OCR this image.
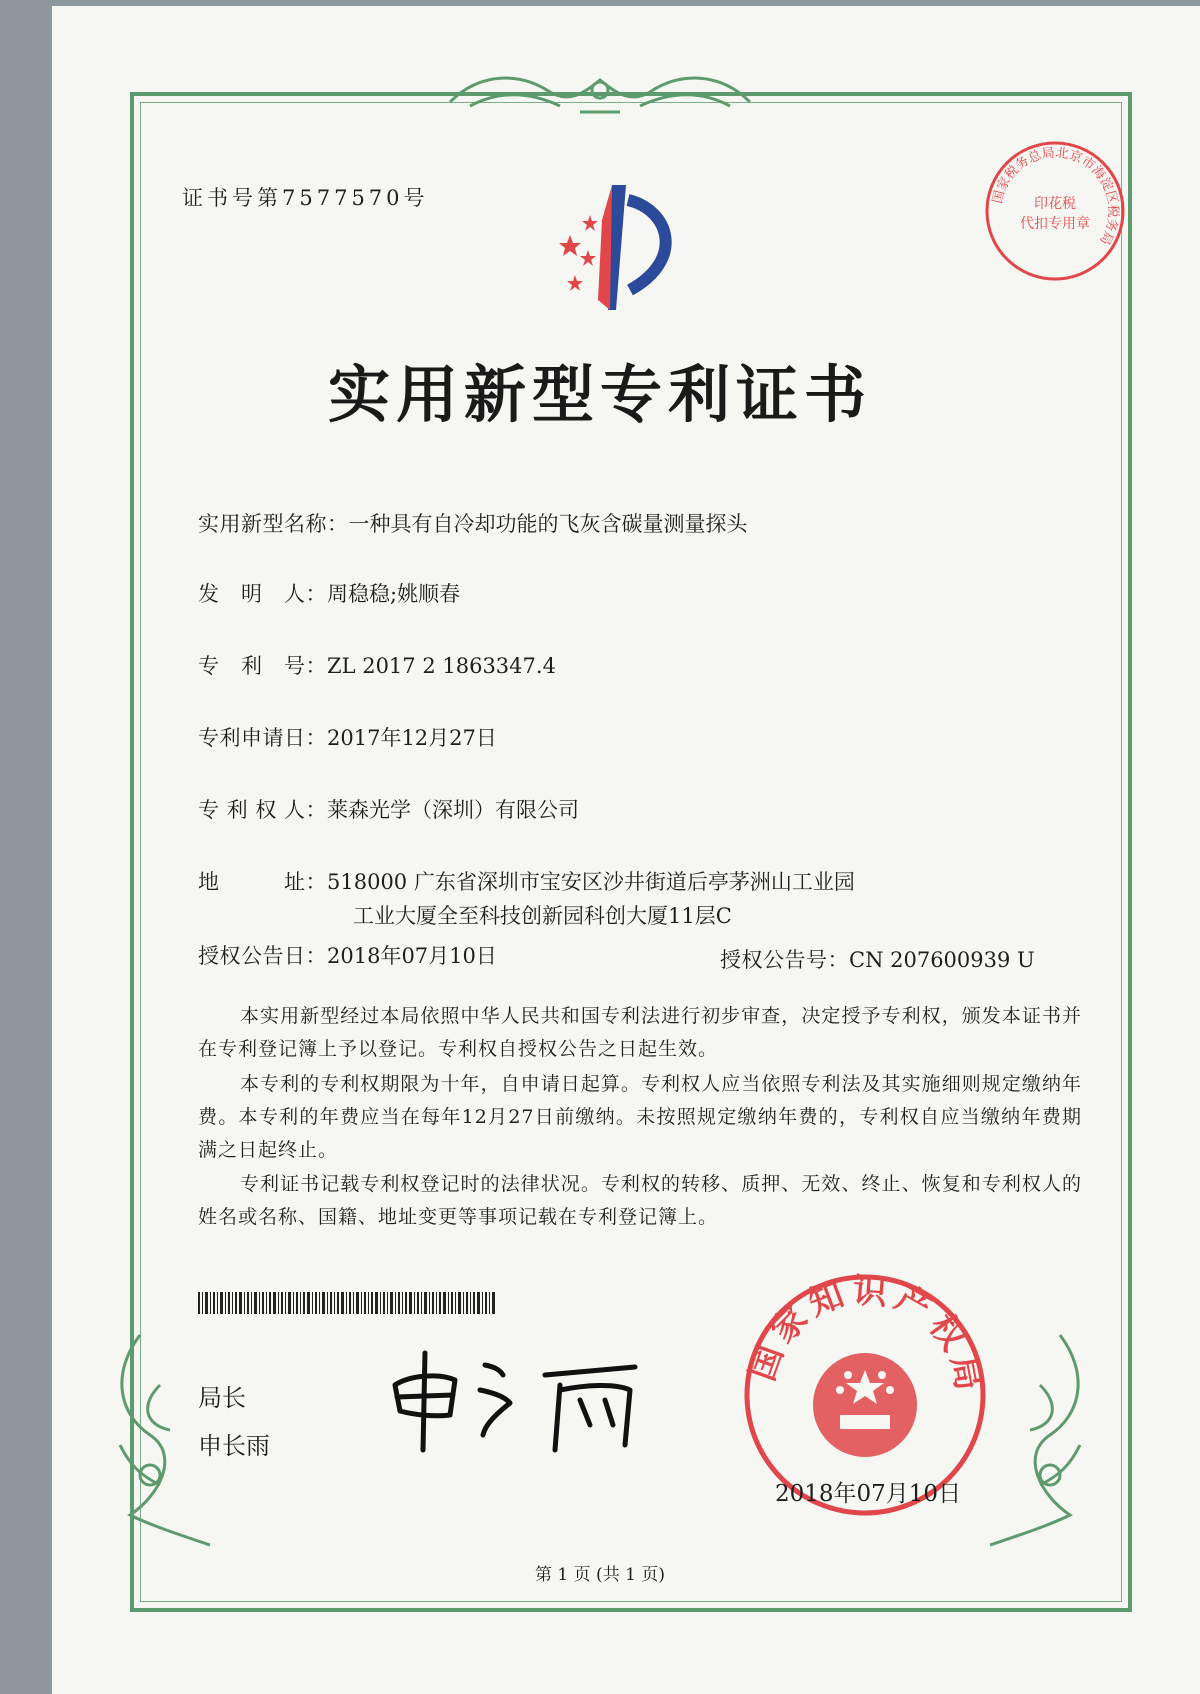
证书号第7577570号	国家税务总局北京市海淀区税务局
印花税
代扣专用章
实用新型专利证书
实用新型名称：一种具有自冷却功能的飞灰含碳量测量探头
发　明　人：周稳稳;姚顺春
专　利　号：ZL 2017 2 1863347.4
专利申请日：2017年12月27日
专 利 权 人：莱森光学（深圳）有限公司
地　　　址：518000 广东省深圳市宝安区沙井街道后亭茅洲山工业园
工业大厦全至科技创新园科创大厦11层C
授权公告日：2018年07月10日	授权公告号：CN 207600939 U
本实用新型经过本局依照中华人民共和国专利法进行初步审查，决定授予专利权，颁发本证书并在专利登记簿上予以登记。专利权自授权公告之日起生效。
本专利的专利权期限为十年，自申请日起算。专利权人应当依照专利法及其实施细则规定缴纳年费。本专利的年费应当在每年12月27日前缴纳。未按照规定缴纳年费的，专利权自应当缴纳年费期满之日起终止。
专利证书记载专利权登记时的法律状况。专利权的转移、质押、无效、终止、恢复和专利权人的姓名或名称、国籍、地址变更等事项记载在专利登记簿上。
局长
申长雨
国家知识产权局
2018年07月10日
第 1 页 (共 1 页)
